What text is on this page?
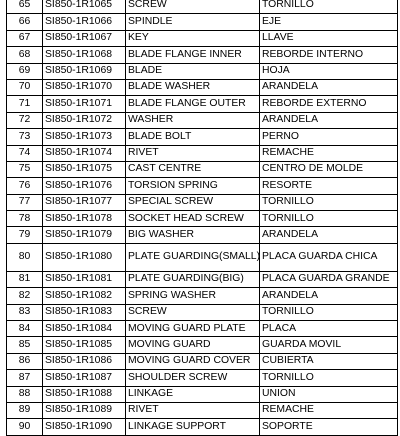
65	SI850-1R1065	SCREW	TORNILLO
66	SI850-1R1066	SPINDLE	EJE
67	SI850-1R1067	KEY	LLAVE
68	SI850-1R1068	BLADE FLANGE INNER	REBORDE INTERNO
69	SI850-1R1069	BLADE	HOJA
70	SI850-1R1070	BLADE WASHER	ARANDELA
71	SI850-1R1071	BLADE FLANGE OUTER	REBORDE EXTERNO
72	SI850-1R1072	WASHER	ARANDELA
73	SI850-1R1073	BLADE BOLT	PERNO
74	SI850-1R1074	RIVET	REMACHE
75	SI850-1R1075	CAST CENTRE	CENTRO DE MOLDE
76	SI850-1R1076	TORSION SPRING	RESORTE
77	SI850-1R1077	SPECIAL SCREW	TORNILLO
78	SI850-1R1078	SOCKET HEAD SCREW	TORNILLO
79	SI850-1R1079	BIG WASHER	ARANDELA
80	SI850-1R1080	PLATE GUARDING(SMALL)	PLACA GUARDA CHICA
81	SI850-1R1081	PLATE GUARDING(BIG)	PLACA GUARDA GRANDE
82	SI850-1R1082	SPRING WASHER	ARANDELA
83	SI850-1R1083	SCREW	TORNILLO
84	SI850-1R1084	MOVING GUARD PLATE	PLACA
85	SI850-1R1085	MOVING GUARD	GUARDA MOVIL
86	SI850-1R1086	MOVING GUARD COVER	CUBIERTA
87	SI850-1R1087	SHOULDER SCREW	TORNILLO
88	SI850-1R1088	LINKAGE	UNION
89	SI850-1R1089	RIVET	REMACHE
90	SI850-1R1090	LINKAGE SUPPORT	SOPORTE
